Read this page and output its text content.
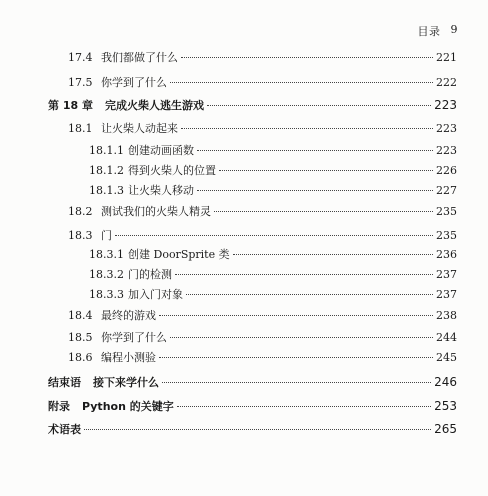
目录 9
17.4 我们都做了什么	221
17.5 你学到了什么	222
第 18 章 完成火柴人逃生游戏	223
18.1 让火柴人动起来	223
18.1.1 创建动画函数	223
18.1.2 得到火柴人的位置	226
18.1.3 让火柴人移动	227
18.2 测试我们的火柴人精灵	235
18.3 门	235
18.3.1 创建 DoorSprite 类	236
18.3.2 门的检测	237
18.3.3 加入门对象	237
18.4 最终的游戏	238
18.5 你学到了什么	244
18.6 编程小测验	245
结束语 接下来学什么	246
附录 Python 的关键字	253
术语表	265
